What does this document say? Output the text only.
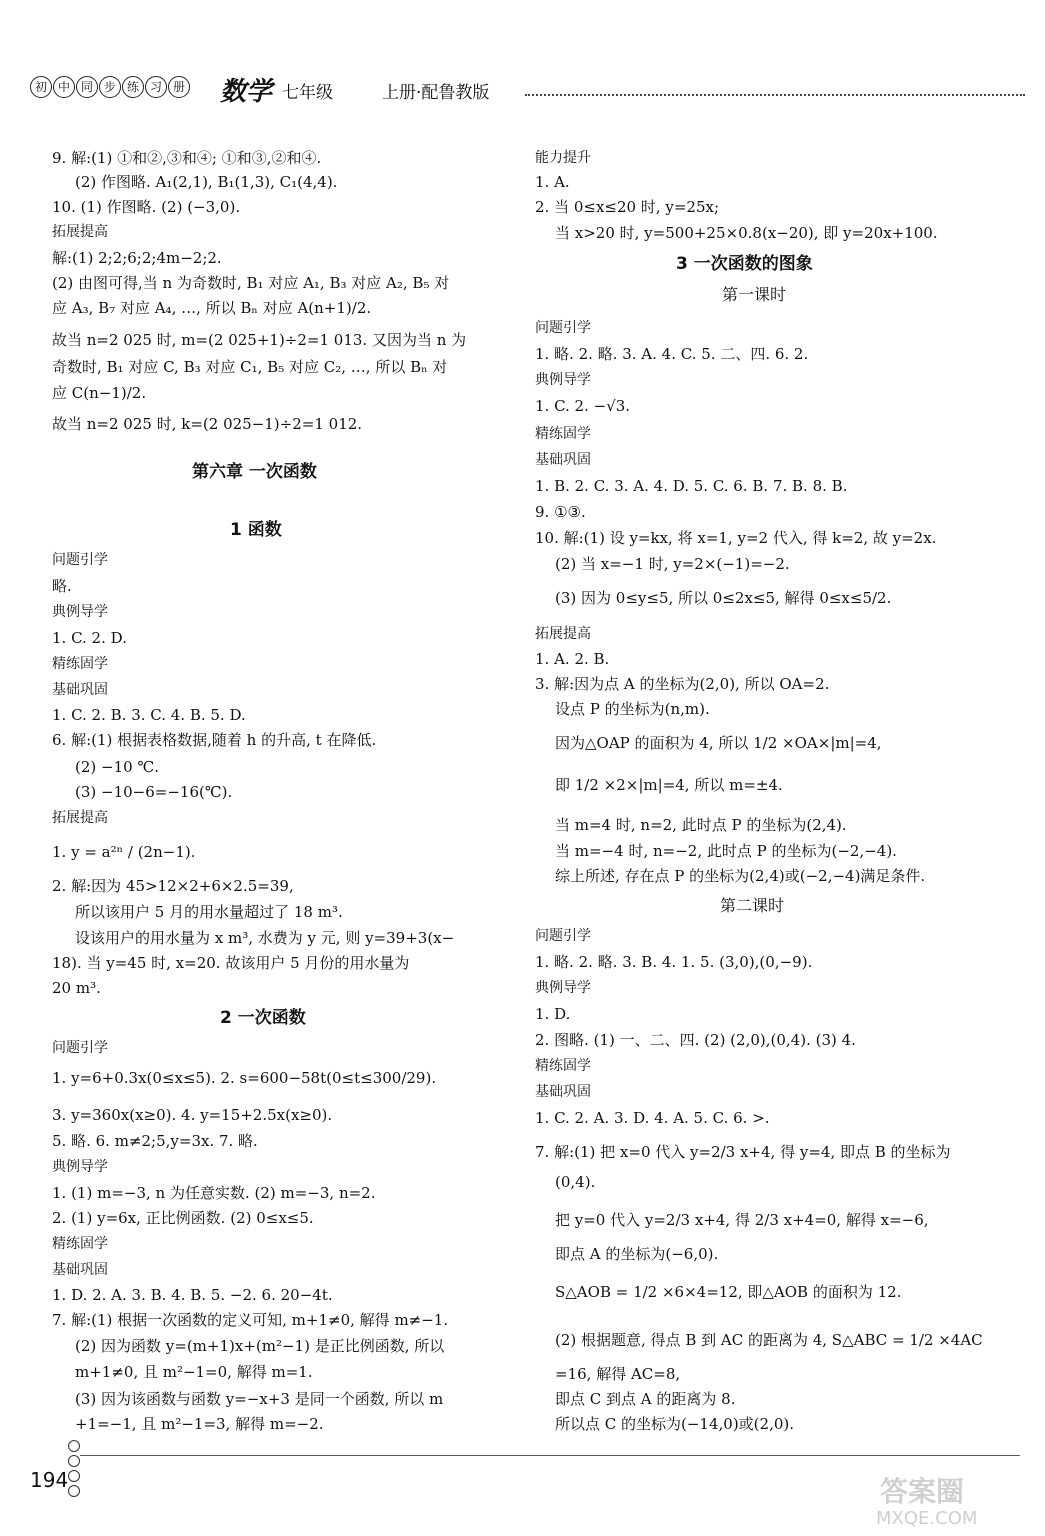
初 中 同 步 练 习 册 数学 七年级	上册·配鲁教版
9. 解:(1) ①和②,③和④; ①和③,②和④.
(2) 作图略. A₁(2,1), B₁(1,3), C₁(4,4).
10. (1) 作图略. (2) (−3,0).
拓展提高
解:(1) 2;2;6;2;4m−2;2.
(2) 由图可得,当 n 为奇数时, B₁ 对应 A₁, B₃ 对应 A₂, B₅ 对
应 A₃, B₇ 对应 A₄, …, 所以 Bₙ 对应 A(n+1)/2.
故当 n=2 025 时, m=(2 025+1)÷2=1 013. 又因为当 n 为
奇数时, B₁ 对应 C, B₃ 对应 C₁, B₅ 对应 C₂, …, 所以 Bₙ 对
应 C(n−1)/2.
故当 n=2 025 时, k=(2 025−1)÷2=1 012.
第六章 一次函数
1 函数
问题引学
略.
典例导学
1. C. 2. D.
精练固学
基础巩固
1. C. 2. B. 3. C. 4. B. 5. D.
6. 解:(1) 根据表格数据,随着 h 的升高, t 在降低.
(2) −10 ℃.
(3) −10−6=−16(℃).
拓展提高
1. y = a²ⁿ / (2n−1).
2. 解:因为 45>12×2+6×2.5=39,
所以该用户 5 月的用水量超过了 18 m³.
设该用户的用水量为 x m³, 水费为 y 元, 则 y=39+3(x−
18). 当 y=45 时, x=20. 故该用户 5 月份的用水量为
20 m³.
2 一次函数
问题引学
1. y=6+0.3x(0≤x≤5). 2. s=600−58t(0≤t≤300/29).
3. y=360x(x≥0). 4. y=15+2.5x(x≥0).
5. 略. 6. m≠2;5,y=3x. 7. 略.
典例导学
1. (1) m=−3, n 为任意实数. (2) m=−3, n=2.
2. (1) y=6x, 正比例函数. (2) 0≤x≤5.
精练固学
基础巩固
1. D. 2. A. 3. B. 4. B. 5. −2. 6. 20−4t.
7. 解:(1) 根据一次函数的定义可知, m+1≠0, 解得 m≠−1.
(2) 因为函数 y=(m+1)x+(m²−1) 是正比例函数, 所以
m+1≠0, 且 m²−1=0, 解得 m=1.
(3) 因为该函数与函数 y=−x+3 是同一个函数, 所以 m
+1=−1, 且 m²−1=3, 解得 m=−2.
能力提升
1. A.
2. 当 0≤x≤20 时, y=25x;
当 x>20 时, y=500+25×0.8(x−20), 即 y=20x+100.
3 一次函数的图象
第一课时
问题引学
1. 略. 2. 略. 3. A. 4. C. 5. 二、四. 6. 2.
典例导学
1. C. 2. −√3.
精练固学
基础巩固
1. B. 2. C. 3. A. 4. D. 5. C. 6. B. 7. B. 8. B.
9. ①③.
10. 解:(1) 设 y=kx, 将 x=1, y=2 代入, 得 k=2, 故 y=2x.
(2) 当 x=−1 时, y=2×(−1)=−2.
(3) 因为 0≤y≤5, 所以 0≤2x≤5, 解得 0≤x≤5/2.
拓展提高
1. A. 2. B.
3. 解:因为点 A 的坐标为(2,0), 所以 OA=2.
设点 P 的坐标为(n,m).
因为△OAP 的面积为 4, 所以 1/2 ×OA×|m|=4,
即 1/2 ×2×|m|=4, 所以 m=±4.
当 m=4 时, n=2, 此时点 P 的坐标为(2,4).
当 m=−4 时, n=−2, 此时点 P 的坐标为(−2,−4).
综上所述, 存在点 P 的坐标为(2,4)或(−2,−4)满足条件.
第二课时
问题引学
1. 略. 2. 略. 3. B. 4. 1. 5. (3,0),(0,−9).
典例导学
1. D.
2. 图略. (1) 一、二、四. (2) (2,0),(0,4). (3) 4.
精练固学
基础巩固
1. C. 2. A. 3. D. 4. A. 5. C. 6. >.
7. 解:(1) 把 x=0 代入 y=2/3 x+4, 得 y=4, 即点 B 的坐标为
(0,4).
把 y=0 代入 y=2/3 x+4, 得 2/3 x+4=0, 解得 x=−6,
即点 A 的坐标为(−6,0).
S△AOB = 1/2 ×6×4=12, 即△AOB 的面积为 12.
(2) 根据题意, 得点 B 到 AC 的距离为 4, S△ABC = 1/2 ×4AC
=16, 解得 AC=8,
即点 C 到点 A 的距离为 8.
所以点 C 的坐标为(−14,0)或(2,0).
194	答案圈
MXQE.COM
